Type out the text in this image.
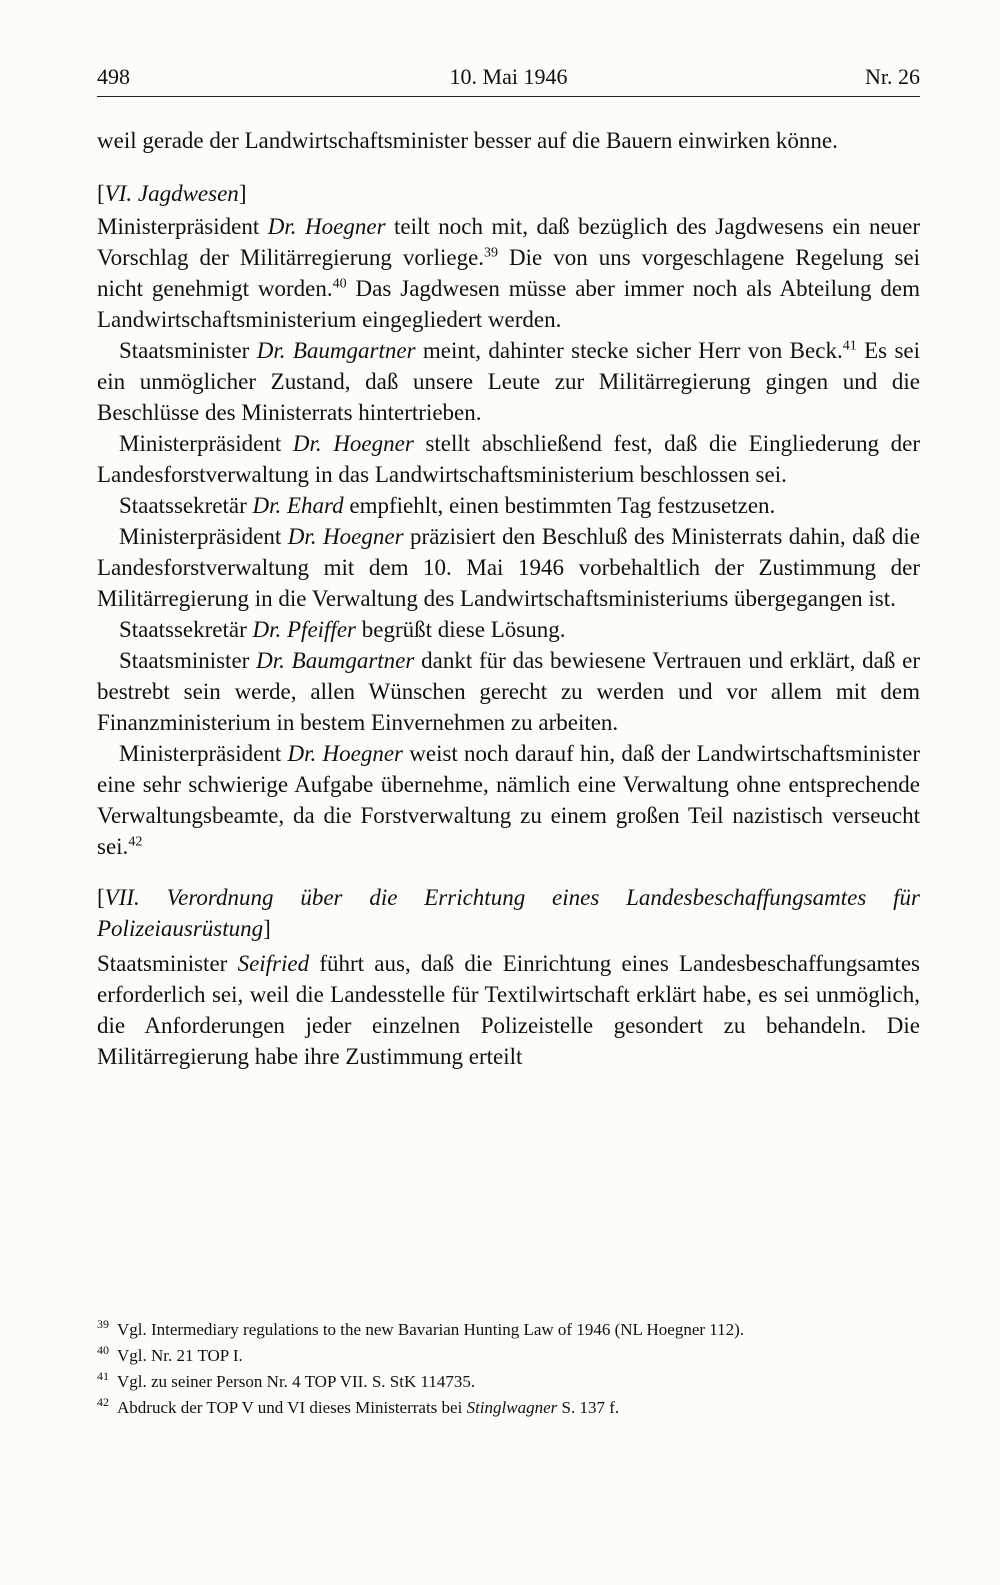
498	10. Mai 1946	Nr. 26

weil gerade der Landwirtschaftsminister besser auf die Bauern einwirken könne.

[VI. Jagdwesen]

Ministerpräsident Dr. Hoegner teilt noch mit, daß bezüglich des Jagdwesens ein neuer Vorschlag der Militärregierung vorliege.$^{39}$ Die von uns vorgeschlagene Regelung sei nicht genehmigt worden.$^{40}$ Das Jagdwesen müsse aber immer noch als Abteilung dem Landwirtschaftsministerium eingegliedert werden.

Staatsminister Dr. Baumgartner meint, dahinter stecke sicher Herr von Beck.$^{41}$ Es sei ein unmöglicher Zustand, daß unsere Leute zur Militärregierung gingen und die Beschlüsse des Ministerrats hintertrieben.

Ministerpräsident Dr. Hoegner stellt abschließend fest, daß die Eingliederung der Landesforstverwaltung in das Landwirtschaftsministerium beschlossen sei.

Staatssekretär Dr. Ehard empfiehlt, einen bestimmten Tag festzusetzen.

Ministerpräsident Dr. Hoegner präzisiert den Beschluß des Ministerrats dahin, daß die Landesforstverwaltung mit dem 10. Mai 1946 vorbehaltlich der Zustimmung der Militärregierung in die Verwaltung des Landwirtschaftsministeriums übergegangen ist.

Staatssekretär Dr. Pfeiffer begrüßt diese Lösung.

Staatsminister Dr. Baumgartner dankt für das bewiesene Vertrauen und erklärt, daß er bestrebt sein werde, allen Wünschen gerecht zu werden und vor allem mit dem Finanzministerium in bestem Einvernehmen zu arbeiten.

Ministerpräsident Dr. Hoegner weist noch darauf hin, daß der Landwirtschaftsminister eine sehr schwierige Aufgabe übernehme, nämlich eine Verwaltung ohne entsprechende Verwaltungsbeamte, da die Forstverwaltung zu einem großen Teil nazistisch verseucht sei.$^{42}$

[VII. Verordnung über die Errichtung eines Landesbeschaffungsamtes für Polizeiausrüstung]

Staatsminister Seifried führt aus, daß die Einrichtung eines Landesbeschaffungsamtes erforderlich sei, weil die Landesstelle für Textilwirtschaft erklärt habe, es sei unmöglich, die Anforderungen jeder einzelnen Polizeistelle gesondert zu behandeln. Die Militärregierung habe ihre Zustimmung erteilt

39 Vgl. Intermediary regulations to the new Bavarian Hunting Law of 1946 (NL Hoegner 112).
40 Vgl. Nr. 21 TOP I.
41 Vgl. zu seiner Person Nr. 4 TOP VII. S. StK 114735.
42 Abdruck der TOP V und VI dieses Ministerrats bei Stinglwagner S. 137 f.
